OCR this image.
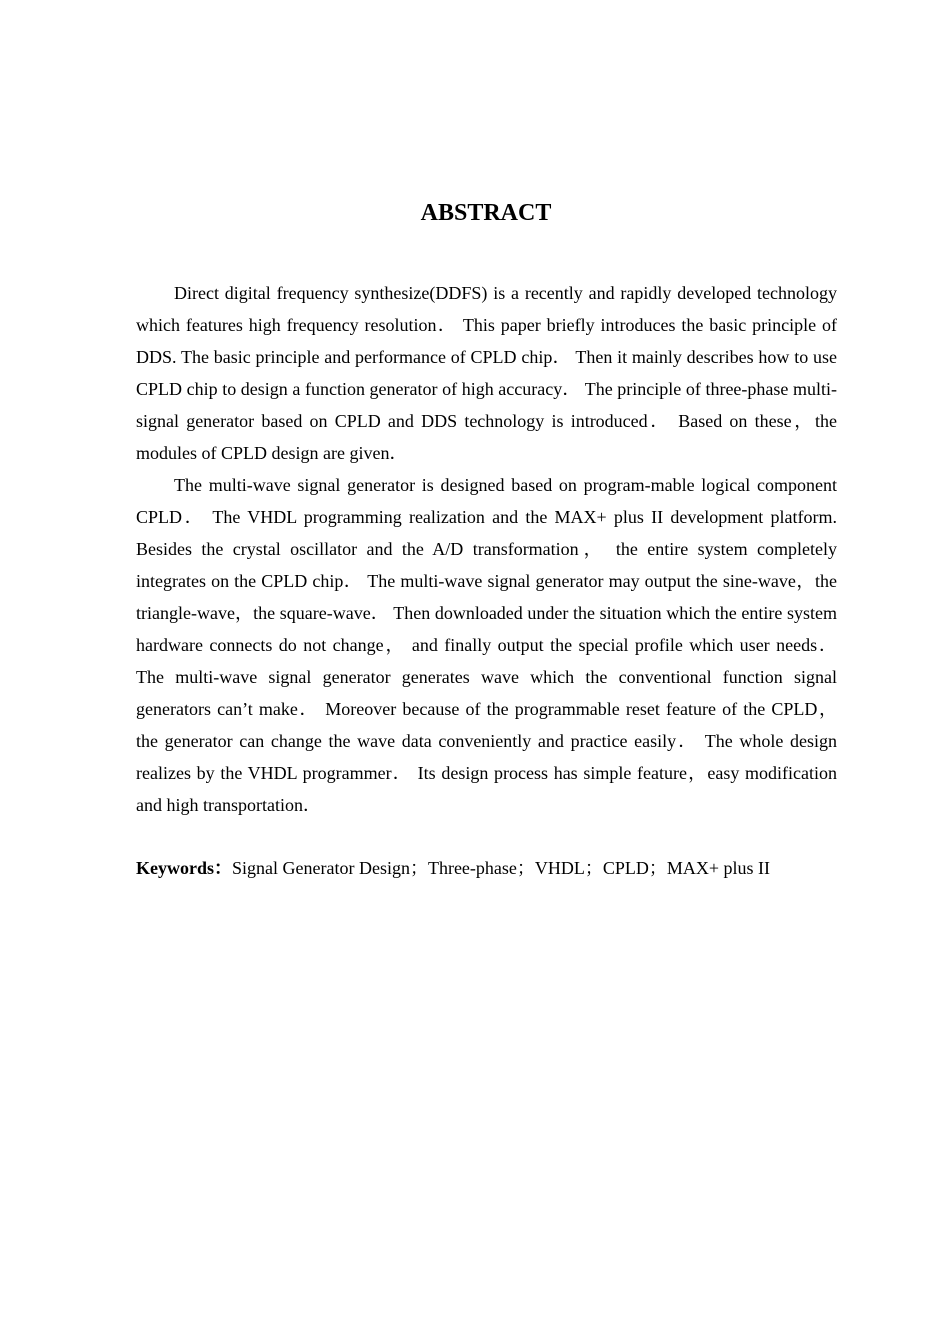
ABSTRACT

Direct digital frequency synthesize(DDFS) is a recently and rapidly developed technology which features high frequency resolution． This paper briefly introduces the basic principle of DDS. The basic principle and performance of CPLD chip． Then it mainly describes how to use CPLD chip to design a function generator of high accuracy． The principle of three-phase multi-signal generator based on CPLD and DDS technology is introduced． Based on these，the modules of CPLD design are given．

The multi-wave signal generator is designed based on program-mable logical component CPLD． The VHDL programming realization and the MAX+ plus II development platform. Besides the crystal oscillator and the A/D transformation， the entire system completely integrates on the CPLD chip． The multi-wave signal generator may output the sine-wave，the triangle-wave，the square-wave． Then downloaded under the situation which the entire system hardware connects do not change， and finally output the special profile which user needs． The multi-wave signal generator generates wave which the conventional function signal generators can’t make． Moreover because of the programmable reset feature of the CPLD， the generator can change the wave data conveniently and practice easily． The whole design realizes by the VHDL programmer． Its design process has simple feature，easy modification and high transportation．

Keywords：Signal Generator Design；Three-phase；VHDL；CPLD；MAX+ plus II
